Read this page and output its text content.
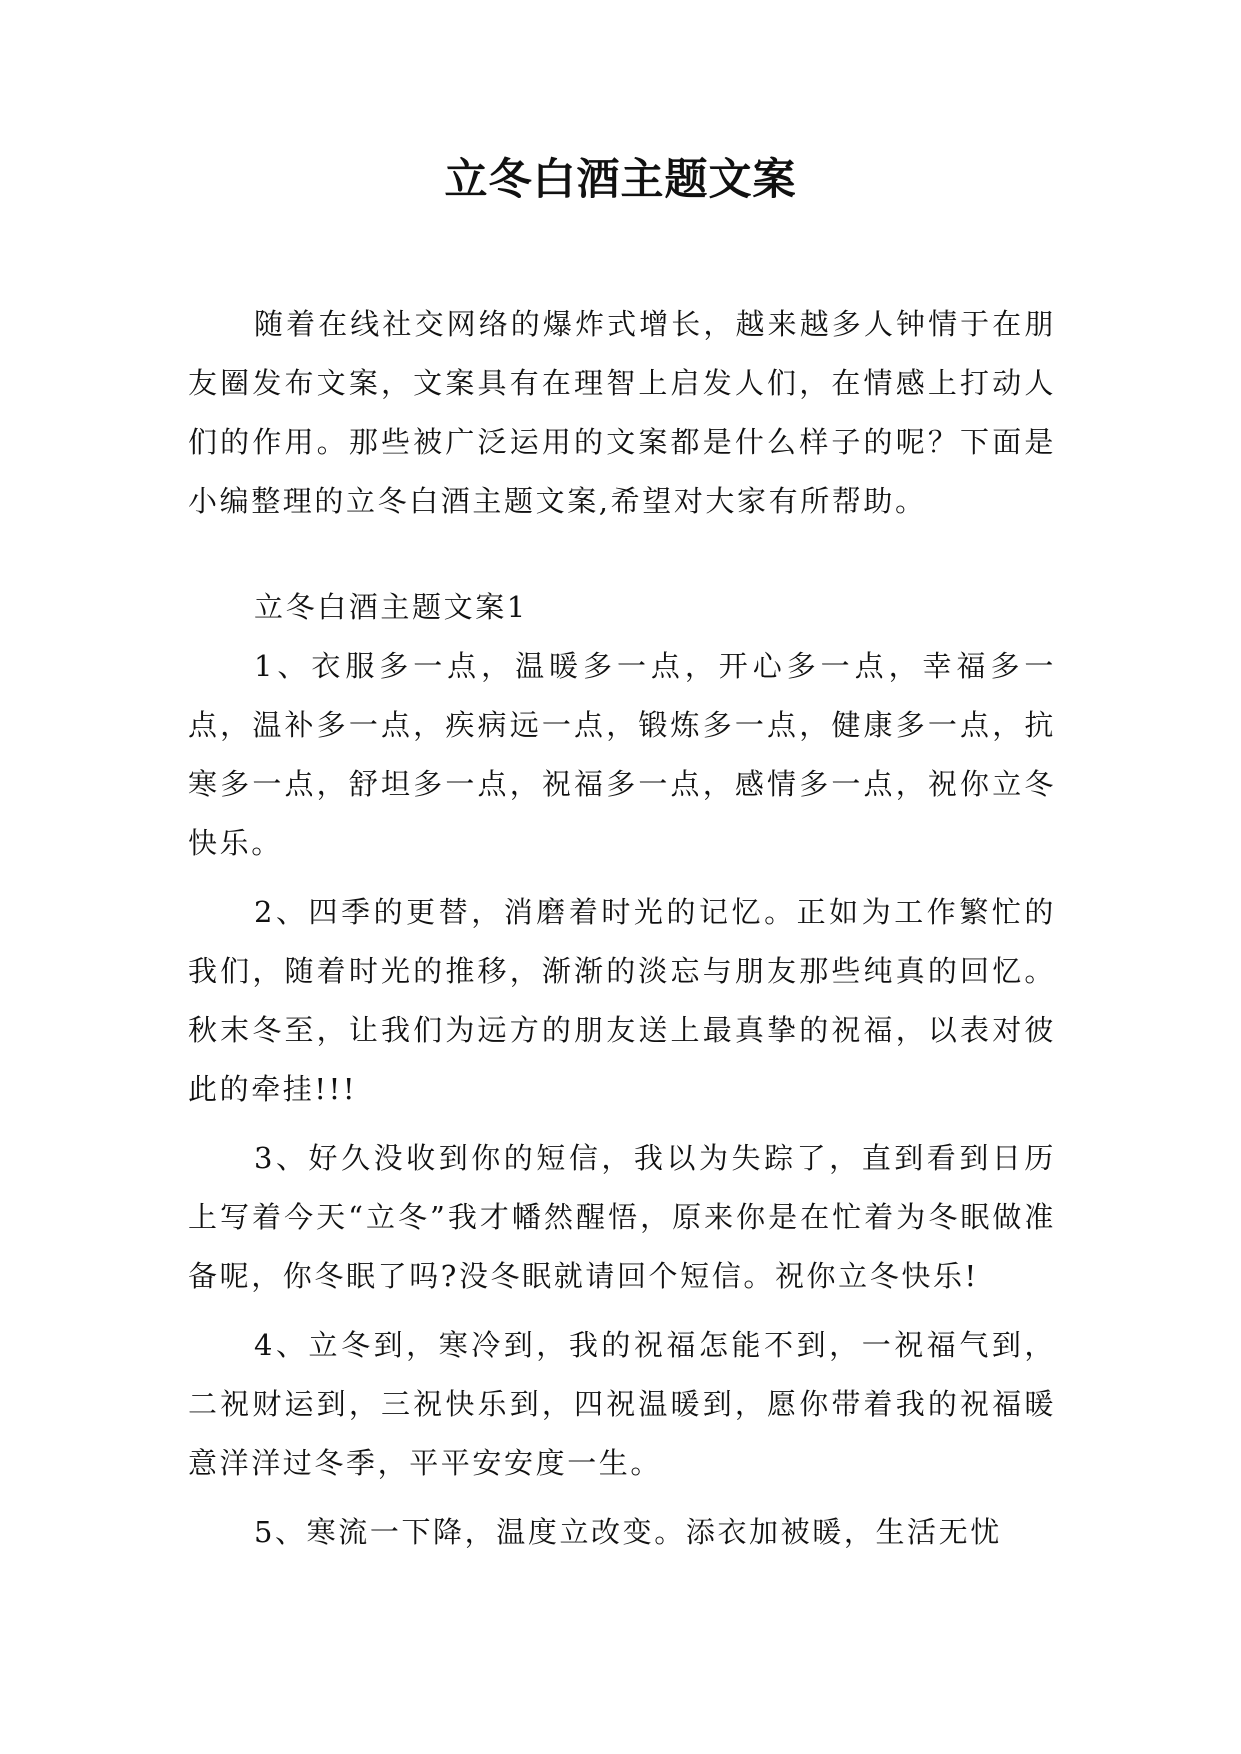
立冬白酒主题文案

随着在线社交网络的爆炸式增长，越来越多人钟情于在朋友圈发布文案，文案具有在理智上启发人们，在情感上打动人们的作用。那些被广泛运用的文案都是什么样子的呢？下面是小编整理的立冬白酒主题文案,希望对大家有所帮助。

立冬白酒主题文案1

1、衣服多一点，温暖多一点，开心多一点，幸福多一点，温补多一点，疾病远一点，锻炼多一点，健康多一点，抗寒多一点，舒坦多一点，祝福多一点，感情多一点，祝你立冬快乐。

2、四季的更替，消磨着时光的记忆。正如为工作繁忙的我们，随着时光的推移，渐渐的淡忘与朋友那些纯真的回忆。秋末冬至，让我们为远方的朋友送上最真挚的祝福，以表对彼此的牵挂!!!

3、好久没收到你的短信，我以为失踪了，直到看到日历上写着今天“立冬”我才幡然醒悟，原来你是在忙着为冬眠做准备呢，你冬眠了吗?没冬眠就请回个短信。祝你立冬快乐!

4、立冬到，寒冷到，我的祝福怎能不到，一祝福气到，二祝财运到，三祝快乐到，四祝温暖到，愿你带着我的祝福暖意洋洋过冬季，平平安安度一生。

5、寒流一下降，温度立改变。添衣加被暖，生活无忧
